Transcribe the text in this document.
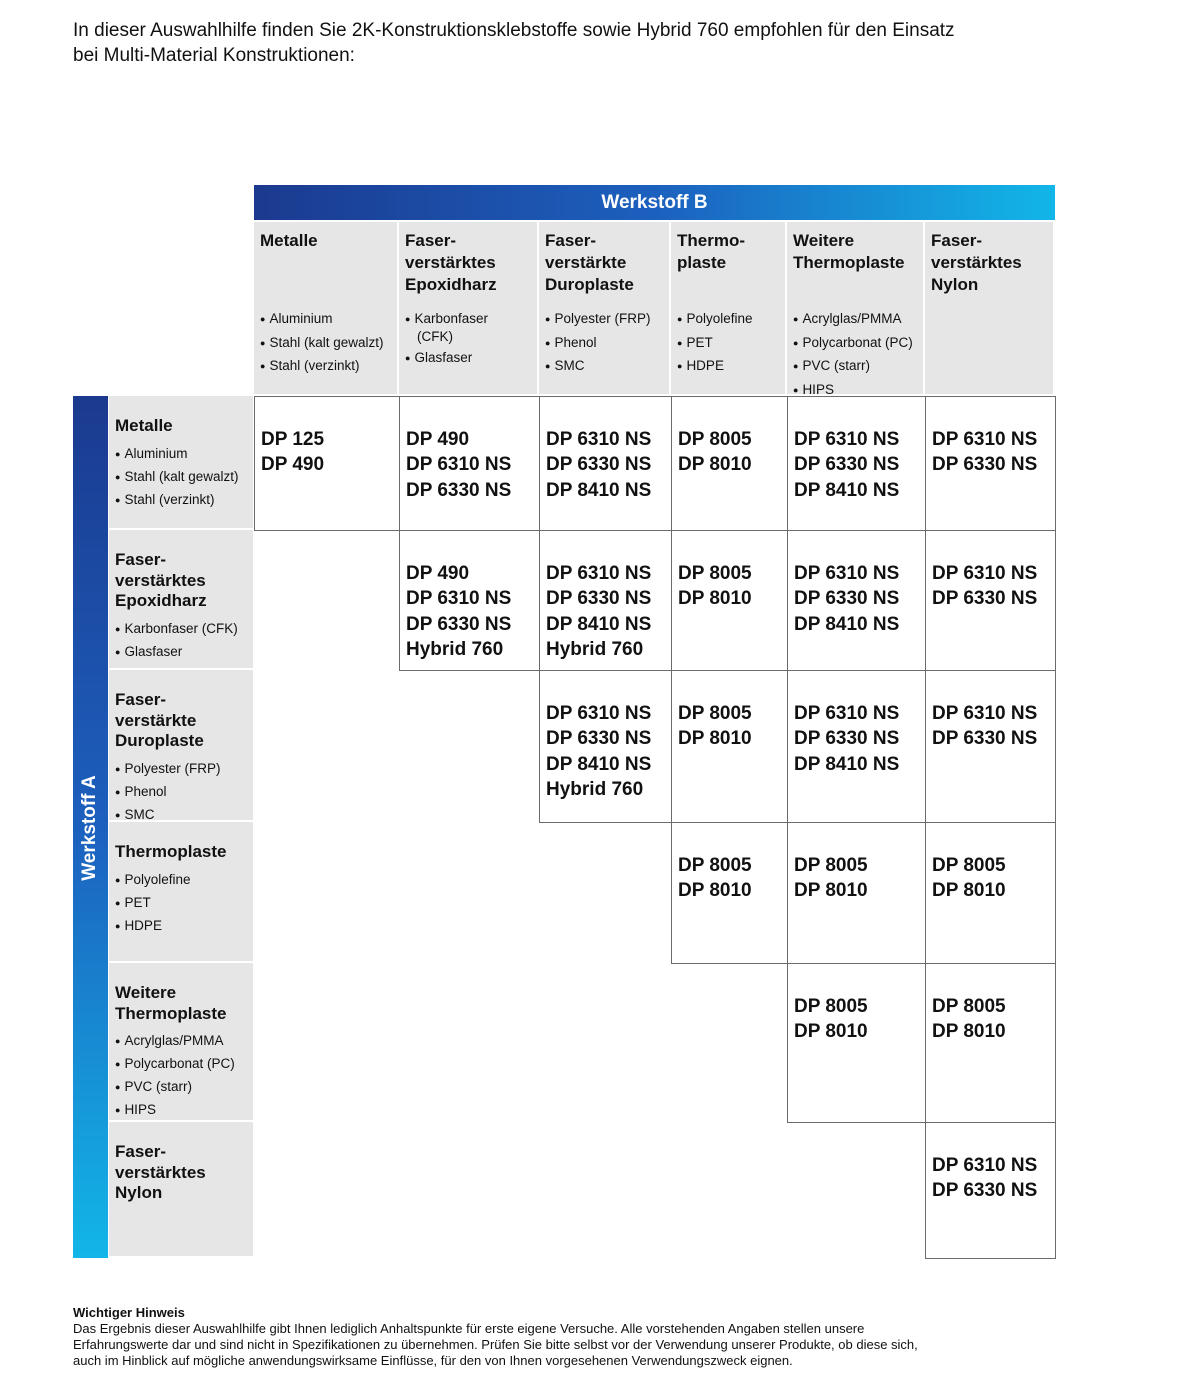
In dieser Auswahlhilfe finden Sie 2K-Konstruktionsklebstoffe sowie Hybrid 760 empfohlen für den Einsatz
bei Multi-Material Konstruktionen:
Werkstoff B
Metalle
● Aluminium
● Stahl (kalt gewalzt)
● Stahl (verzinkt)
Faser-
verstärktes
Epoxidharz
● Karbonfaser
(CFK)
● Glasfaser
Faser-
verstärkte
Duroplaste
● Polyester (FRP)
● Phenol
● SMC
Thermo-
plaste
● Polyolefine
● PET
● HDPE
Weitere
Thermoplaste
● Acrylglas/PMMA
● Polycarbonat (PC)
● PVC (starr)
● HIPS
Faser-
verstärktes
Nylon
Werkstoff A
Metalle
● Aluminium
● Stahl (kalt gewalzt)
● Stahl (verzinkt)
Faser-
verstärktes
Epoxidharz
● Karbonfaser (CFK)
● Glasfaser
Faser-
verstärkte
Duroplaste
● Polyester (FRP)
● Phenol
● SMC
Thermoplaste
● Polyolefine
● PET
● HDPE
Weitere
Thermoplaste
● Acrylglas/PMMA
● Polycarbonat (PC)
● PVC (starr)
● HIPS
Faser-
verstärktes
Nylon
DP 125
DP 490
DP 490
DP 6310 NS
DP 6330 NS
DP 6310 NS
DP 6330 NS
DP 8410 NS
DP 8005
DP 8010
DP 6310 NS
DP 6330 NS
DP 8410 NS
DP 6310 NS
DP 6330 NS
DP 490
DP 6310 NS
DP 6330 NS
Hybrid 760
DP 6310 NS
DP 6330 NS
DP 8410 NS
Hybrid 760
DP 8005
DP 8010
DP 6310 NS
DP 6330 NS
DP 8410 NS
DP 6310 NS
DP 6330 NS
DP 6310 NS
DP 6330 NS
DP 8410 NS
Hybrid 760
DP 8005
DP 8010
DP 6310 NS
DP 6330 NS
DP 8410 NS
DP 6310 NS
DP 6330 NS
DP 8005
DP 8010
DP 8005
DP 8010
DP 8005
DP 8010
DP 8005
DP 8010
DP 8005
DP 8010
DP 6310 NS
DP 6330 NS
Wichtiger Hinweis
Das Ergebnis dieser Auswahlhilfe gibt Ihnen lediglich Anhaltspunkte für erste eigene Versuche. Alle vorstehenden Angaben stellen unsere
Erfahrungswerte dar und sind nicht in Spezifikationen zu übernehmen. Prüfen Sie bitte selbst vor der Verwendung unserer Produkte, ob diese sich,
auch im Hinblick auf mögliche anwendungswirksame Einflüsse, für den von Ihnen vorgesehenen Verwendungszweck eignen.
